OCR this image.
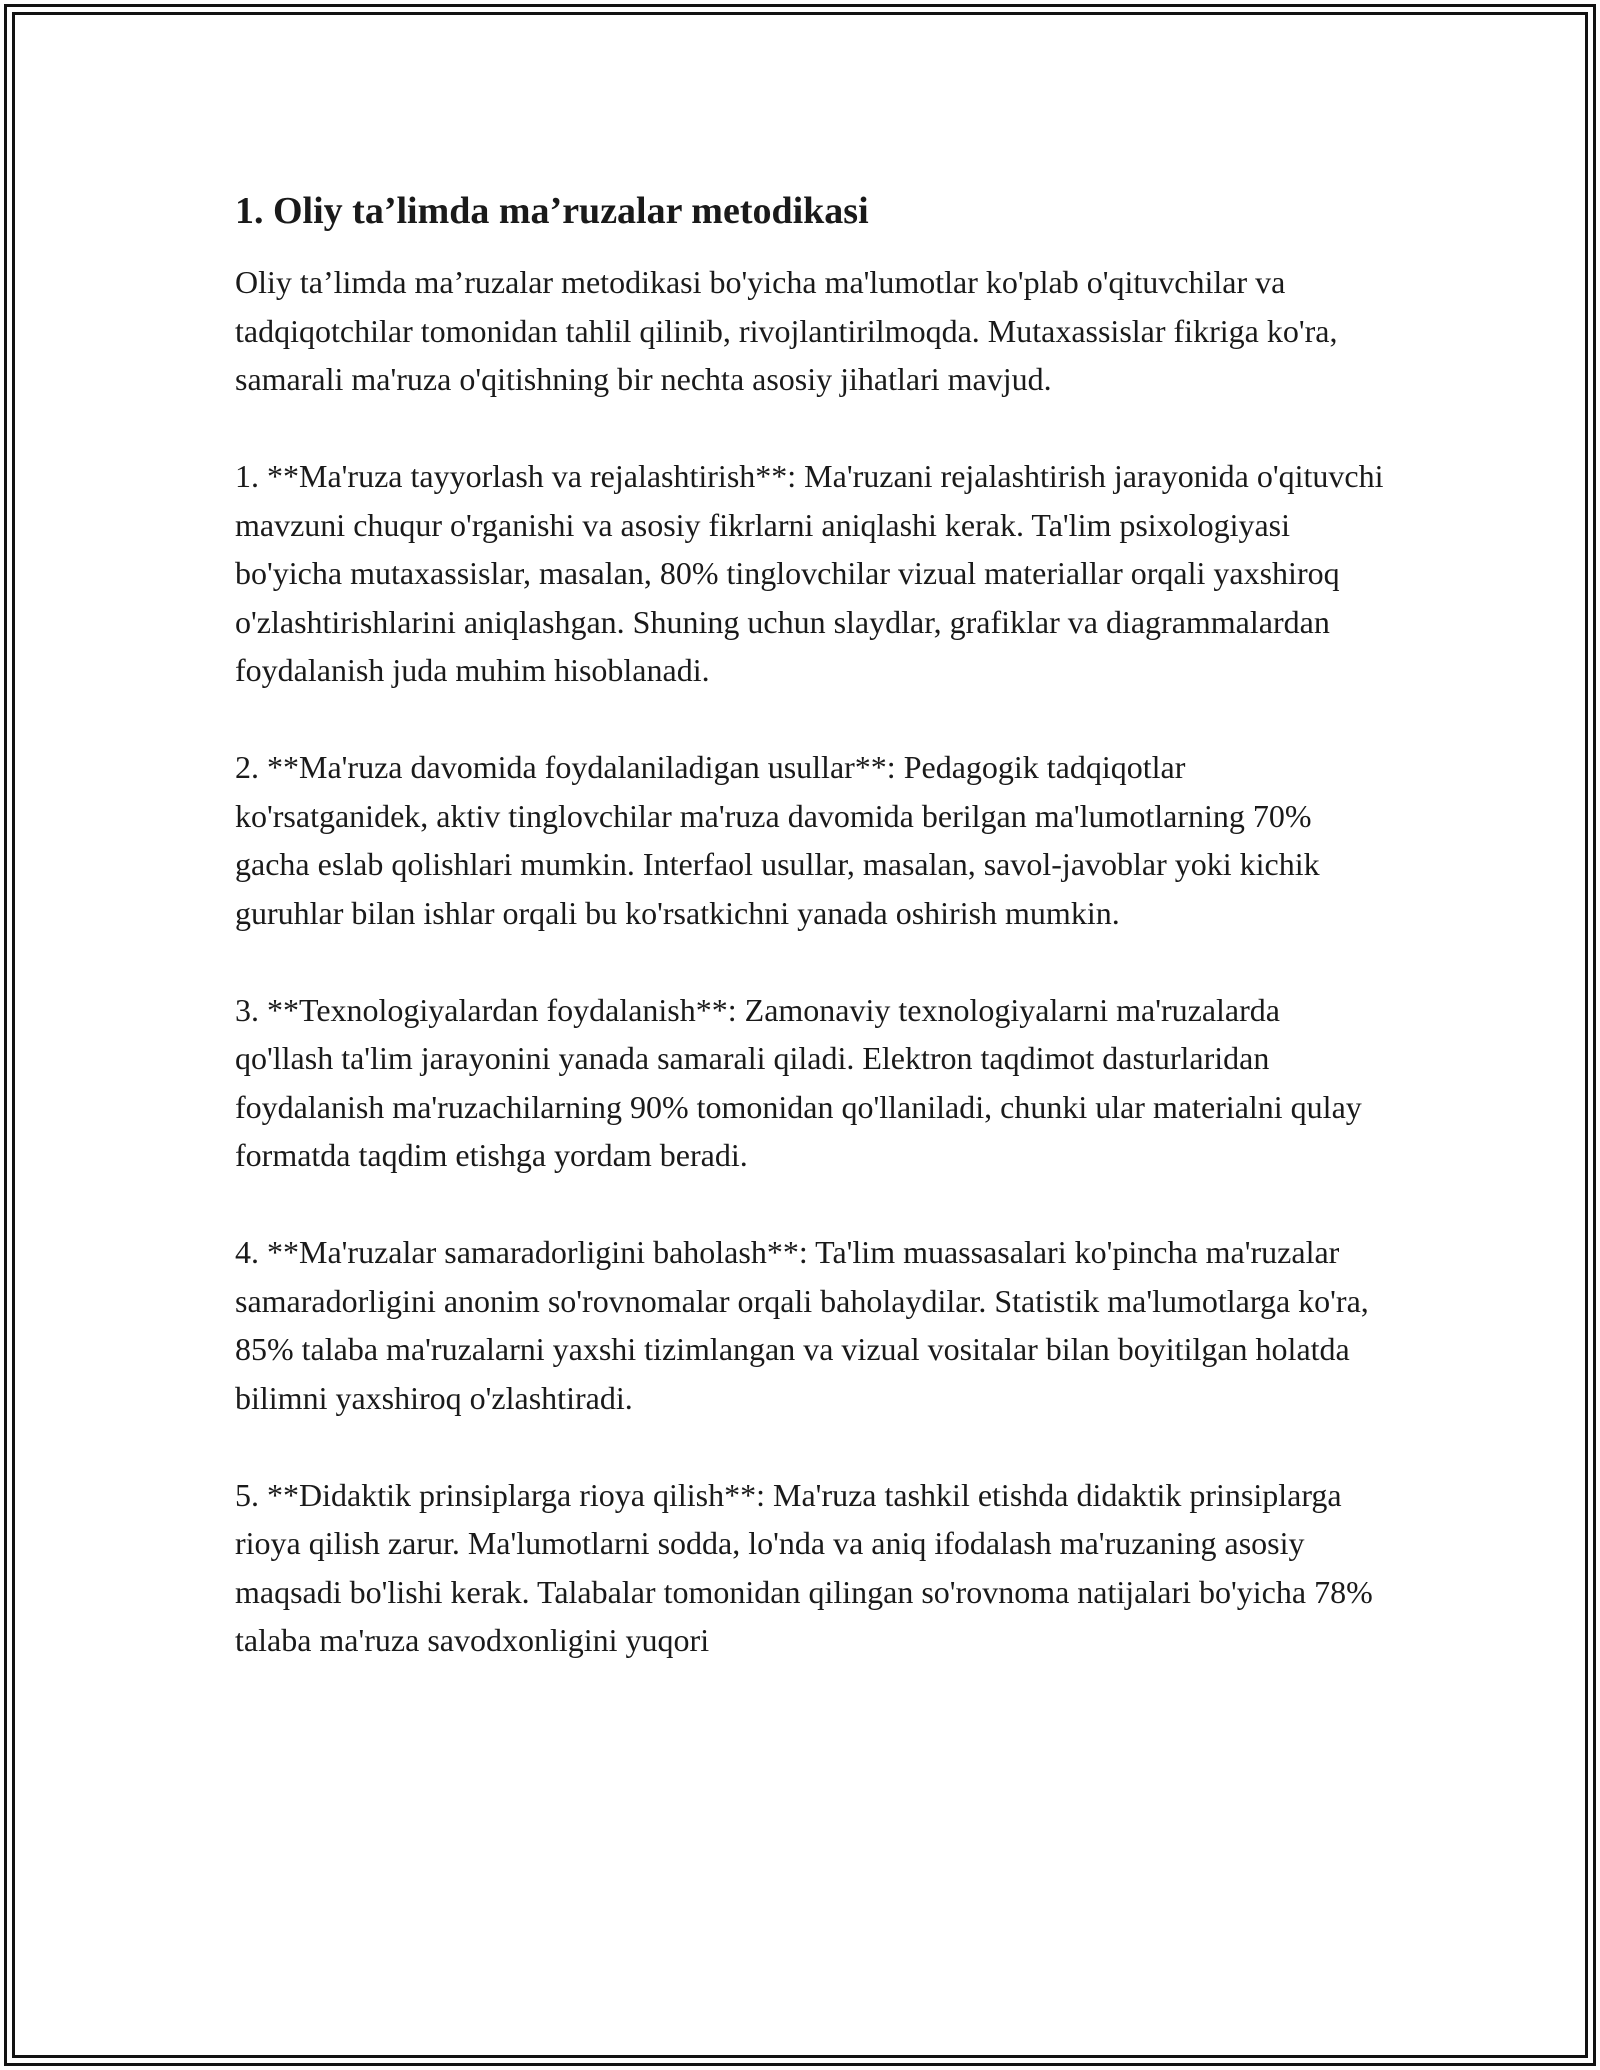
1. Oliy ta’limda ma’ruzalar metodikasi

Oliy ta’limda ma’ruzalar metodikasi bo'yicha ma'lumotlar ko'plab o'qituvchilar va tadqiqotchilar tomonidan tahlil qilinib, rivojlantirilmoqda. Mutaxassislar fikriga ko'ra, samarali ma'ruza o'qitishning bir nechta asosiy jihatlari mavjud.

1. **Ma'ruza tayyorlash va rejalashtirish**: Ma'ruzani rejalashtirish jarayonida o'qituvchi mavzuni chuqur o'rganishi va asosiy fikrlarni aniqlashi kerak. Ta'lim psixologiyasi bo'yicha mutaxassislar, masalan, 80% tinglovchilar vizual materiallar orqali yaxshiroq o'zlashtirishlarini aniqlashgan. Shuning uchun slaydlar, grafiklar va diagrammalardan foydalanish juda muhim hisoblanadi.

2. **Ma'ruza davomida foydalaniladigan usullar**: Pedagogik tadqiqotlar ko'rsatganidek, aktiv tinglovchilar ma'ruza davomida berilgan ma'lumotlarning 70% gacha eslab qolishlari mumkin. Interfaol usullar, masalan, savol-javoblar yoki kichik guruhlar bilan ishlar orqali bu ko'rsatkichni yanada oshirish mumkin.

3. **Texnologiyalardan foydalanish**: Zamonaviy texnologiyalarni ma'ruzalarda qo'llash ta'lim jarayonini yanada samarali qiladi. Elektron taqdimot dasturlaridan foydalanish ma'ruzachilarning 90% tomonidan qo'llaniladi, chunki ular materialni qulay formatda taqdim etishga yordam beradi.

4. **Ma'ruzalar samaradorligini baholash**: Ta'lim muassasalari ko'pincha ma'ruzalar samaradorligini anonim so'rovnomalar orqali baholaydilar. Statistik ma'lumotlarga ko'ra, 85% talaba ma'ruzalarni yaxshi tizimlangan va vizual vositalar bilan boyitilgan holatda bilimni yaxshiroq o'zlashtiradi.

5. **Didaktik prinsiplarga rioya qilish**: Ma'ruza tashkil etishda didaktik prinsiplarga rioya qilish zarur. Ma'lumotlarni sodda, lo'nda va aniq ifodalash ma'ruzaning asosiy maqsadi bo'lishi kerak. Talabalar tomonidan qilingan so'rovnoma natijalari bo'yicha 78% talaba ma'ruza savodxonligini yuqori
